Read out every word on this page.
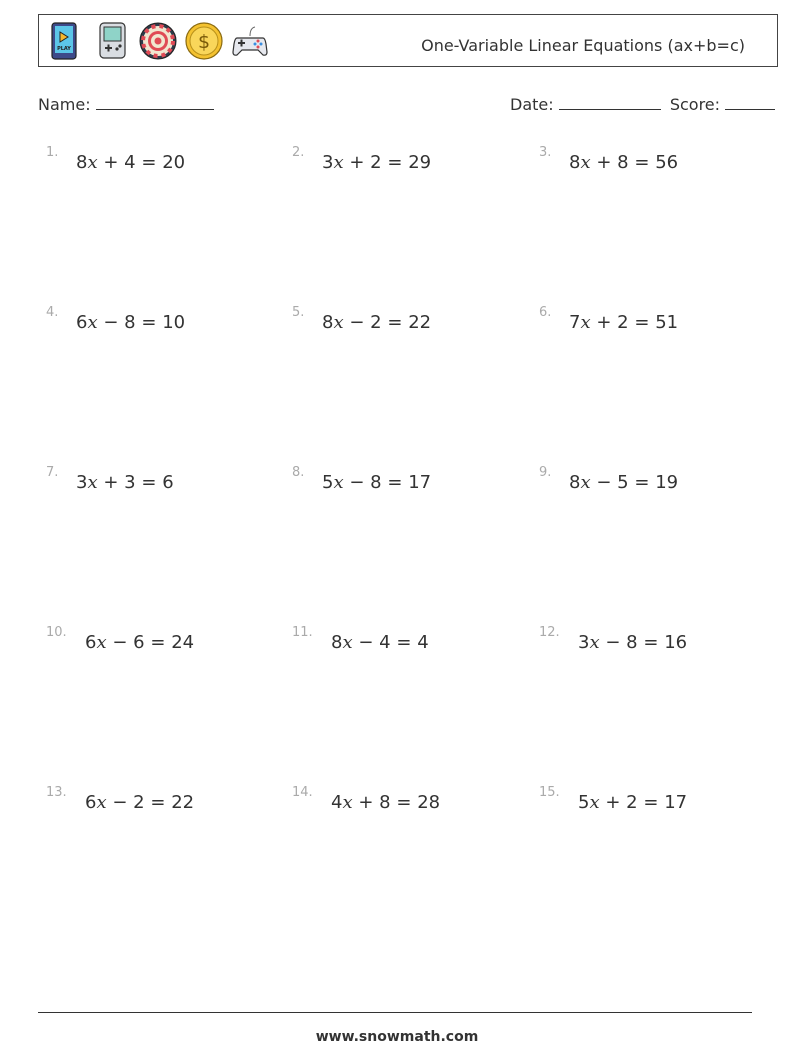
PLAY	$	One-Variable Linear Equations (ax+b=c)
Name:	Date:	Score:
1. 8x + 4 = 20	2. 3x + 2 = 29	3. 8x + 8 = 56
4. 6x − 8 = 10	5. 8x − 2 = 22	6. 7x + 2 = 51
7. 3x + 3 = 6	8. 5x − 8 = 17	9. 8x − 5 = 19
10. 6x − 6 = 24	11. 8x − 4 = 4	12. 3x − 8 = 16
13. 6x − 2 = 22	14. 4x + 8 = 28	15. 5x + 2 = 17
www.snowmath.com
